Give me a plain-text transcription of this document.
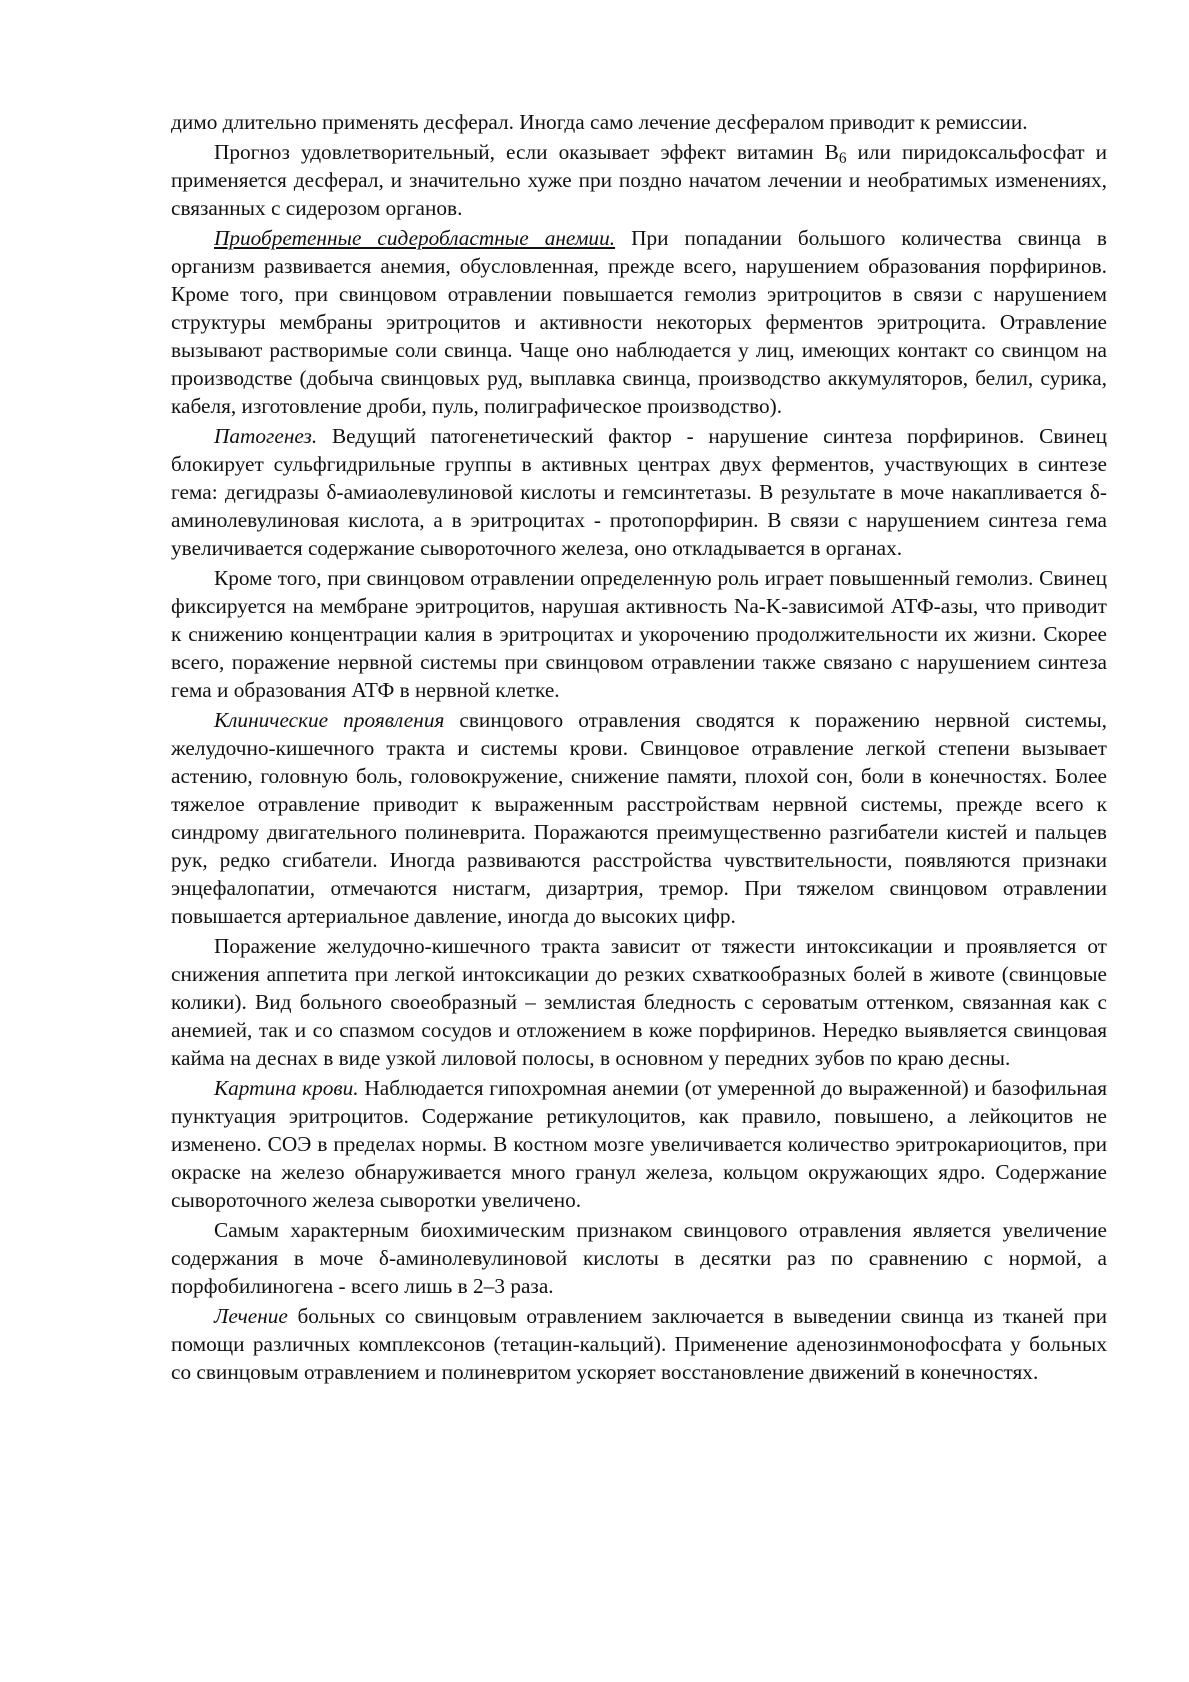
димо длительно применять десферал. Иногда само лечение десфералом приводит к ремиссии.

Прогноз удовлетворительный, если оказывает эффект витамин $B_6$ или пиридоксальфосфат и применяется десферал, и значительно хуже при поздно начатом лечении и необратимых изменениях, связанных с сидерозом органов.

Приобретенные сидеробластные анемии. При попадании большого количества свинца в организм развивается анемия, обусловленная, прежде всего, нарушением образования порфиринов. Кроме того, при свинцовом отравлении повышается гемолиз эритроцитов в связи с нарушением структуры мембраны эритроцитов и активности некоторых ферментов эритроцита. Отравление вызывают растворимые соли свинца. Чаще оно наблюдается у лиц, имеющих контакт со свинцом на производстве (добыча свинцовых руд, выплавка свинца, производство аккумуляторов, белил, сурика, кабеля, изготовление дроби, пуль, полиграфическое производство).

Патогенез. Ведущий патогенетический фактор - нарушение синтеза порфиринов. Свинец блокирует сульфгидрильные группы в активных центрах двух ферментов, участвующих в синтезе гема: дегидразы δ-амиаолевулиновой кислоты и гемсинтетазы. В результате в моче накапливается δ-аминолевулиновая кислота, а в эритроцитах - протопорфирин. В связи с нарушением синтеза гема увеличивается содержание сывороточного железа, оно откладывается в органах.

Кроме того, при свинцовом отравлении определенную роль играет повышенный гемолиз. Свинец фиксируется на мембране эритроцитов, нарушая активность Na-K-зависимой АТФ-азы, что приводит к снижению концентрации калия в эритроцитах и укорочению продолжительности их жизни. Скорее всего, поражение нервной системы при свинцовом отравлении также связано с нарушением синтеза гема и образования АТФ в нервной клетке.

Клинические проявления свинцового отравления сводятся к поражению нервной системы, желудочно-кишечного тракта и системы крови. Свинцовое отравление легкой степени вызывает астению, головную боль, головокружение, снижение памяти, плохой сон, боли в конечностях. Более тяжелое отравление приводит к выраженным расстройствам нервной системы, прежде всего к синдрому двигательного полиневрита. Поражаются преимущественно разгибатели кистей и пальцев рук, редко сгибатели. Иногда развиваются расстройства чувствительности, появляются признаки энцефалопатии, отмечаются нистагм, дизартрия, тремор. При тяжелом свинцовом отравлении повышается артериальное давление, иногда до высоких цифр.

Поражение желудочно-кишечного тракта зависит от тяжести интоксикации и проявляется от снижения аппетита при легкой интоксикации до резких схваткообразных болей в животе (свинцовые колики). Вид больного своеобразный – землистая бледность с сероватым оттенком, связанная как с анемией, так и со спазмом сосудов и отложением в коже порфиринов. Нередко выявляется свинцовая кайма на деснах в виде узкой лиловой полосы, в основном у передних зубов по краю десны.

Картина крови. Наблюдается гипохромная анемии (от умеренной до выраженной) и базофильная пунктуация эритроцитов. Содержание ретикулоцитов, как правило, повышено, а лейкоцитов не изменено. СОЭ в пределах нормы. В костном мозге увеличивается количество эритрокариоцитов, при окраске на железо обнаруживается много гранул железа, кольцом окружающих ядро. Содержание сывороточного железа сыворотки увеличено.

Самым характерным биохимическим признаком свинцового отравления является увеличение содержания в моче δ-аминолевулиновой кислоты в десятки раз по сравнению с нормой, а порфобилиногена - всего лишь в 2–3 раза.

Лечение больных со свинцовым отравлением заключается в выведении свинца из тканей при помощи различных комплексонов (тетацин-кальций). Применение аденозинмонофосфата у больных со свинцовым отравлением и полиневритом ускоряет восстановление движений в конечностях.
